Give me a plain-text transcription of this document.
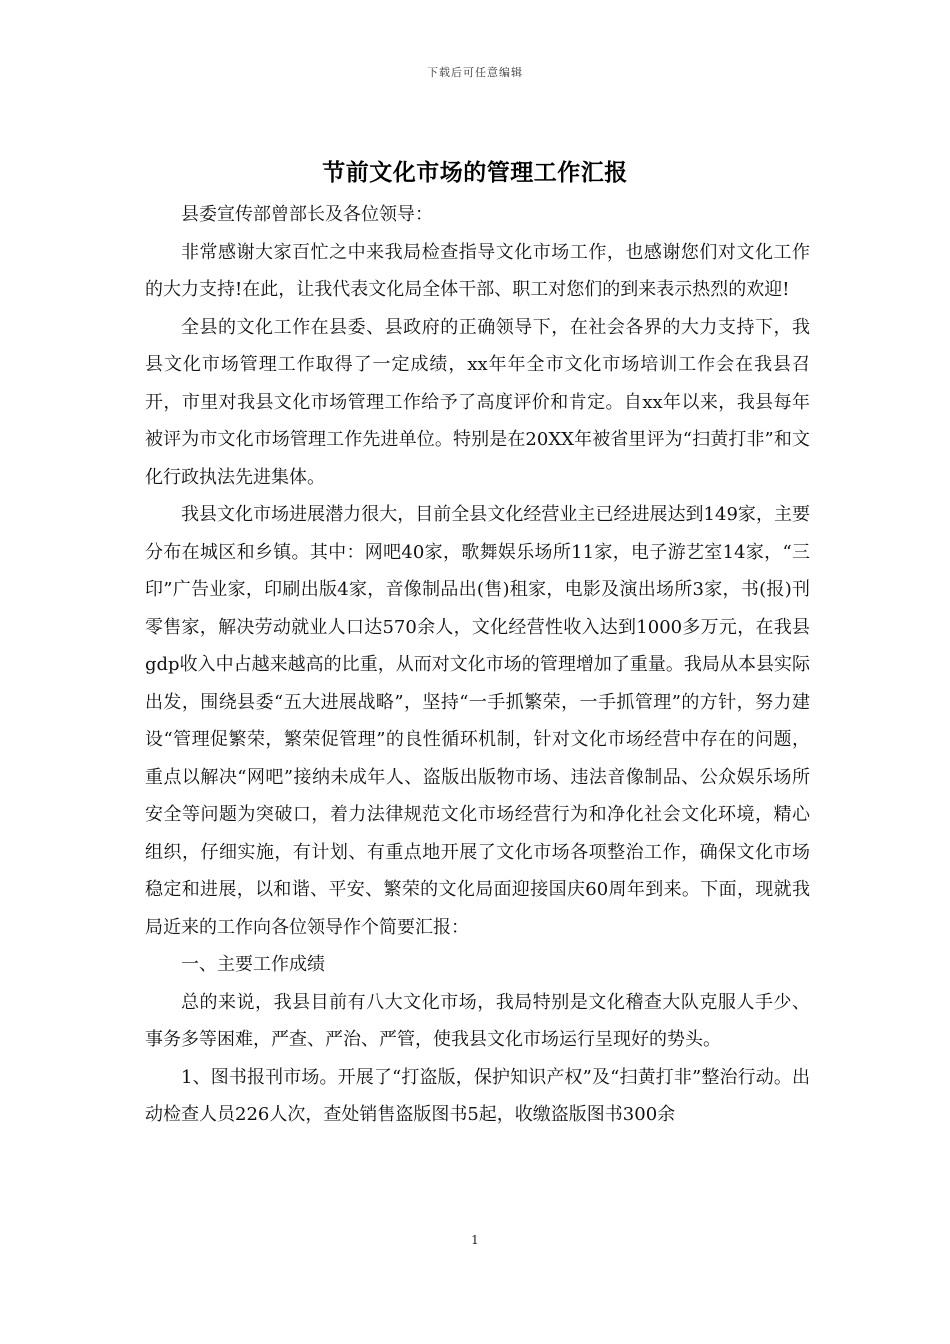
下载后可任意编辑
节前文化市场的管理工作汇报

县委宣传部曾部长及各位领导：

非常感谢大家百忙之中来我局检查指导文化市场工作，也感谢您们对文化工作的大力支持!在此，让我代表文化局全体干部、职工对您们的到来表示热烈的欢迎!

全县的文化工作在县委、县政府的正确领导下，在社会各界的大力支持下，我县文化市场管理工作取得了一定成绩，xx年年全市文化市场培训工作会在我县召开，市里对我县文化市场管理工作给予了高度评价和肯定。自xx年以来，我县每年被评为市文化市场管理工作先进单位。特别是在20XX年被省里评为“扫黄打非”和文化行政执法先进集体。

我县文化市场进展潜力很大，目前全县文化经营业主已经进展达到149家，主要分布在城区和乡镇。其中：网吧40家，歌舞娱乐场所11家，电子游艺室14家，“三印”广告业家，印刷出版4家，音像制品出(售)租家，电影及演出场所3家，书(报)刊零售家，解决劳动就业人口达570余人，文化经营性收入达到1000多万元，在我县gdp收入中占越来越高的比重，从而对文化市场的管理增加了重量。我局从本县实际出发，围绕县委“五大进展战略”，坚持“一手抓繁荣，一手抓管理”的方针，努力建设“管理促繁荣，繁荣促管理”的良性循环机制，针对文化市场经营中存在的问题，重点以解决“网吧”接纳未成年人、盗版出版物市场、违法音像制品、公众娱乐场所安全等问题为突破口，着力法律规范文化市场经营行为和净化社会文化环境，精心组织，仔细实施，有计划、有重点地开展了文化市场各项整治工作，确保文化市场稳定和进展，以和谐、平安、繁荣的文化局面迎接国庆60周年到来。下面，现就我局近来的工作向各位领导作个简要汇报：

一、主要工作成绩

总的来说，我县目前有八大文化市场，我局特别是文化稽查大队克服人手少、事务多等困难，严查、严治、严管，使我县文化市场运行呈现好的势头。

1、图书报刊市场。开展了“打盗版，保护知识产权”及“扫黄打非”整治行动。出动检查人员226人次，查处销售盗版图书5起，收缴盗版图书300余

1
